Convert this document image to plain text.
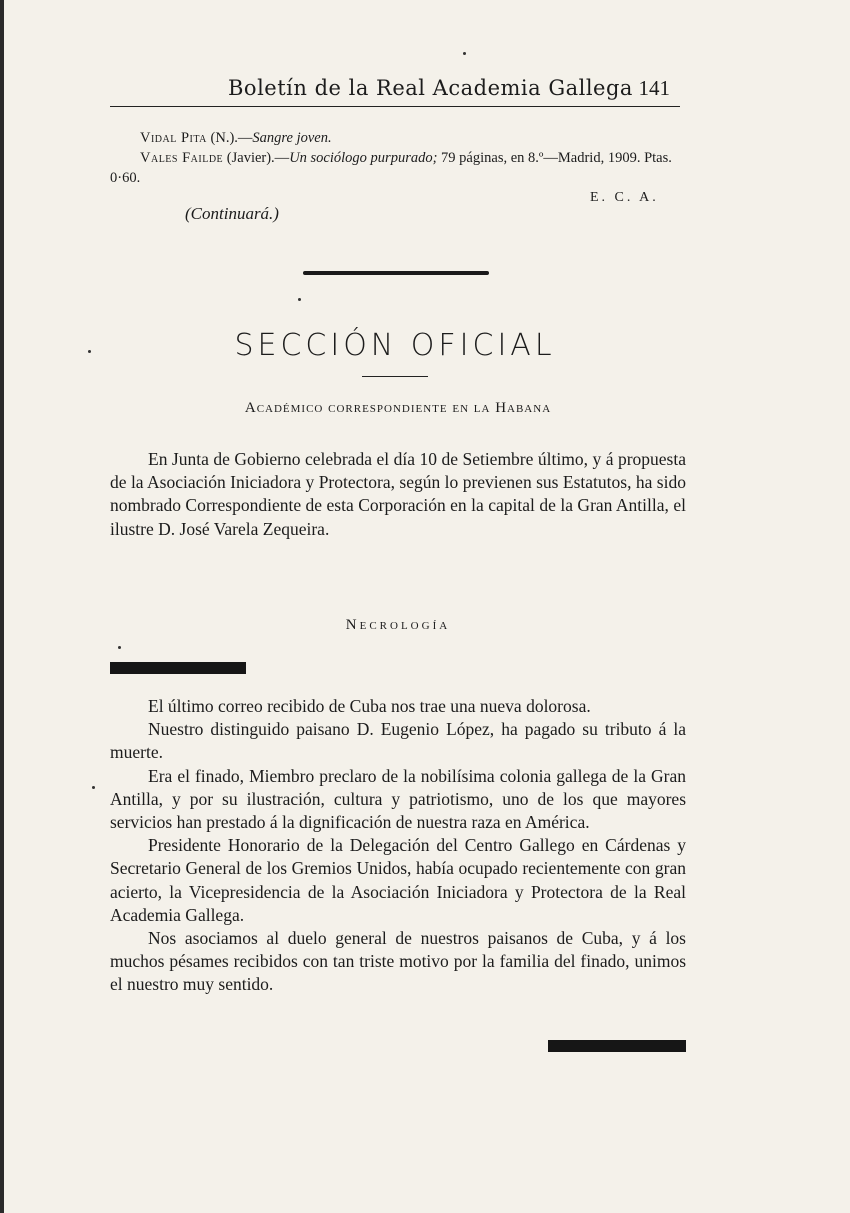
Boletín de la Real Academia Gallega 141

Vidal Pita (N.).—Sangre joven.

Vales Failde (Javier).—Un sociólogo purpurado; 79 páginas, en 8.º—Madrid, 1909. Ptas. 0·60.

E. C. A.
(Continuará.)
SECCIÓN OFICIAL
Académico correspondiente en la Habana

En Junta de Gobierno celebrada el día 10 de Setiembre último, y á propuesta de la Asociación Iniciadora y Protectora, según lo previenen sus Estatutos, ha sido nombrado Correspondiente de esta Corporación en la capital de la Gran Antilla, el ilustre D. José Varela Zequeira.

Necrología

El último correo recibido de Cuba nos trae una nueva dolorosa.

Nuestro distinguido paisano D. Eugenio López, ha pagado su tributo á la muerte.

Era el finado, Miembro preclaro de la nobilísima colonia gallega de la Gran Antilla, y por su ilustración, cultura y patriotismo, uno de los que mayores servicios han prestado á la dignificación de nuestra raza en América.

Presidente Honorario de la Delegación del Centro Gallego en Cárdenas y Secretario General de los Gremios Unidos, había ocupado recientemente con gran acierto, la Vicepresidencia de la Asociación Iniciadora y Protectora de la Real Academia Gallega.

Nos asociamos al duelo general de nuestros paisanos de Cuba, y á los muchos pésames recibidos con tan triste motivo por la familia del finado, unimos el nuestro muy sentido.
